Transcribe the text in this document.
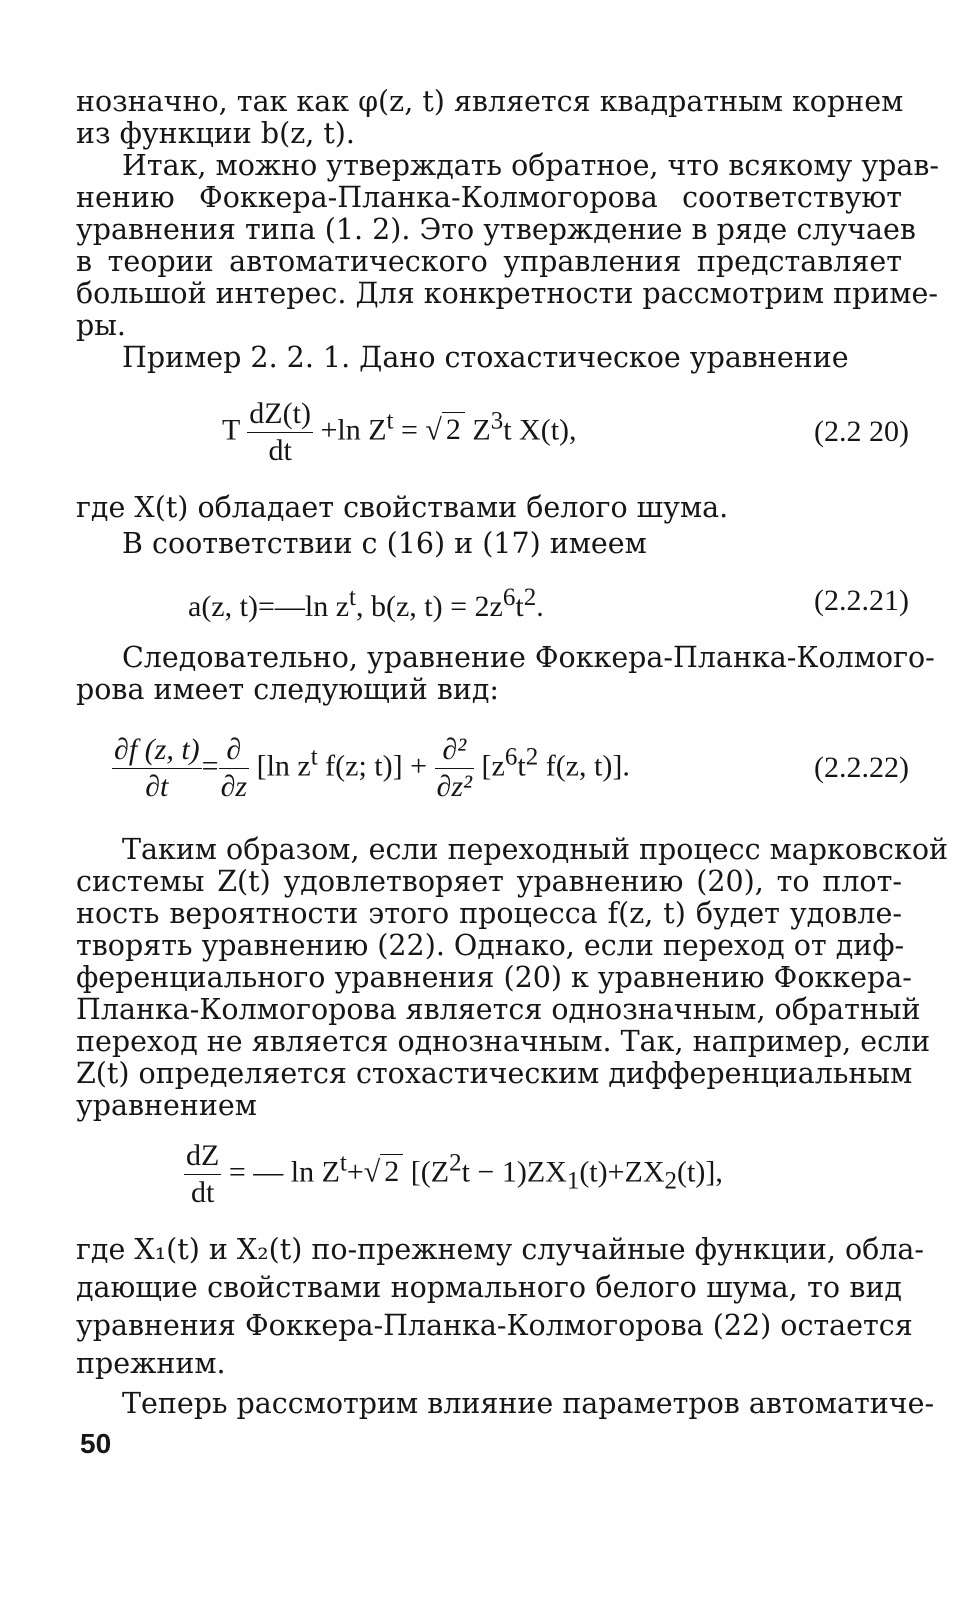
нозначно, так как φ(z, t) является квадратным корнем
из функции b(z, t).
Итак, можно утверждать обратное, что всякому урав-
нению Фоккера-Планка-Колмогорова соответствуют
уравнения типа (1. 2). Это утверждение в ряде случаев
в теории автоматического управления представляет
большой интерес. Для конкретности рассмотрим приме-
ры.
Пример 2. 2. 1. Дано стохастическое уравнение
T $\frac{dZ(t)}{dt} +\ln$ $Z^t$ = √ 2 $Z^3t$ X(t),	(2.2 20)
где X(t) обладает свойствами белого шума.
В соответствии с (16) и (17) имеем
a(z, t)=—ln $z^t$, b(z, $t) = 2z^6t^2$.	(2.2.21)
Следовательно, уравнение Фоккера-Планка-Колмого-
рова имеет следующий вид:
$\frac{\partial f (z, t)}{\partial t} = \frac{\partial}{\partial z} [\ln$ $z^t$ f(z; $t)] + \frac{\text{∂²}}{\text{∂z²}} [z^6t^2$ f(z, t)].	(2.2.22)
Таким образом, если переходный процесс марковской
системы Z(t) удовлетворяет уравнению (20), то плот-
ность вероятности этого процесса f(z, t) будет удовле-
творять уравнению (22). Однако, если переход от диф-
ференциального уравнения (20) к уравнению Фоккера-
Планка-Колмогорова является однозначным, обратный
переход не является однозначным. Так, например, если
Z(t) определяется стохастическим дифференциальным
уравнением
$\frac{dZ}{dt}$ = — $\ln Z^t+√$ 2 $[(Z^2t - 1)ZX_1(t)+ZX_2(t)]$,
где X₁(t) и X₂(t) по-прежнему случайные функции, обла-
дающие свойствами нормального белого шума, то вид
уравнения Фоккера-Планка-Колмогорова (22) остается
прежним.
Теперь рассмотрим влияние параметров автоматиче-
50
